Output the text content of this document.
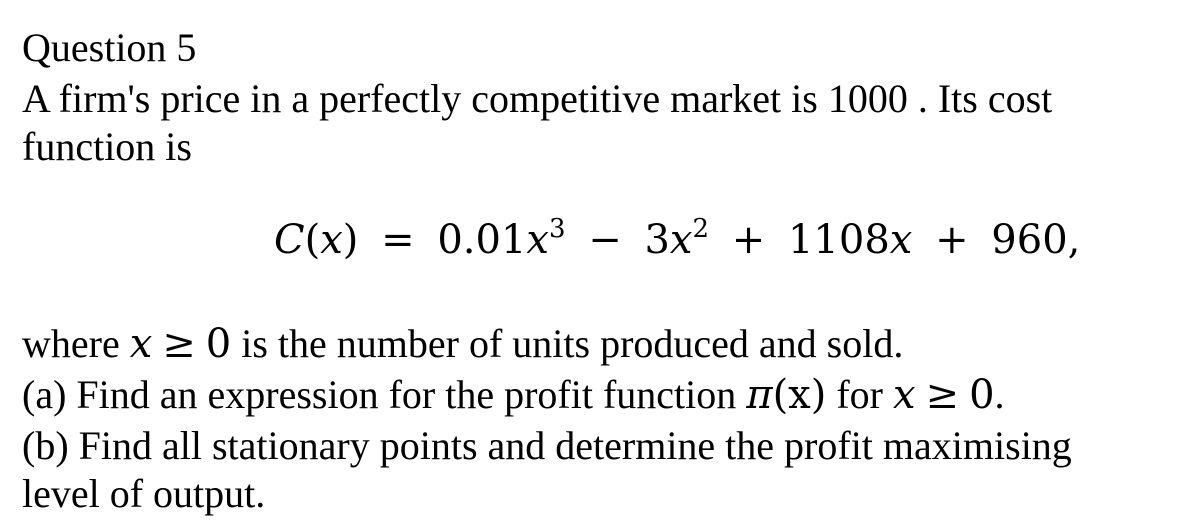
Question 5
A firm's price in a perfectly competitive market is 1000 . Its cost
function is
$C(x) = 0.01x^3 - 3x^2 + 1108x + 960$,
where x ≥ 0 is the number of units produced and sold.
(a) Find an expression for the profit function π(x) for x ≥ 0.
(b) Find all stationary points and determine the profit maximising
level of output.
